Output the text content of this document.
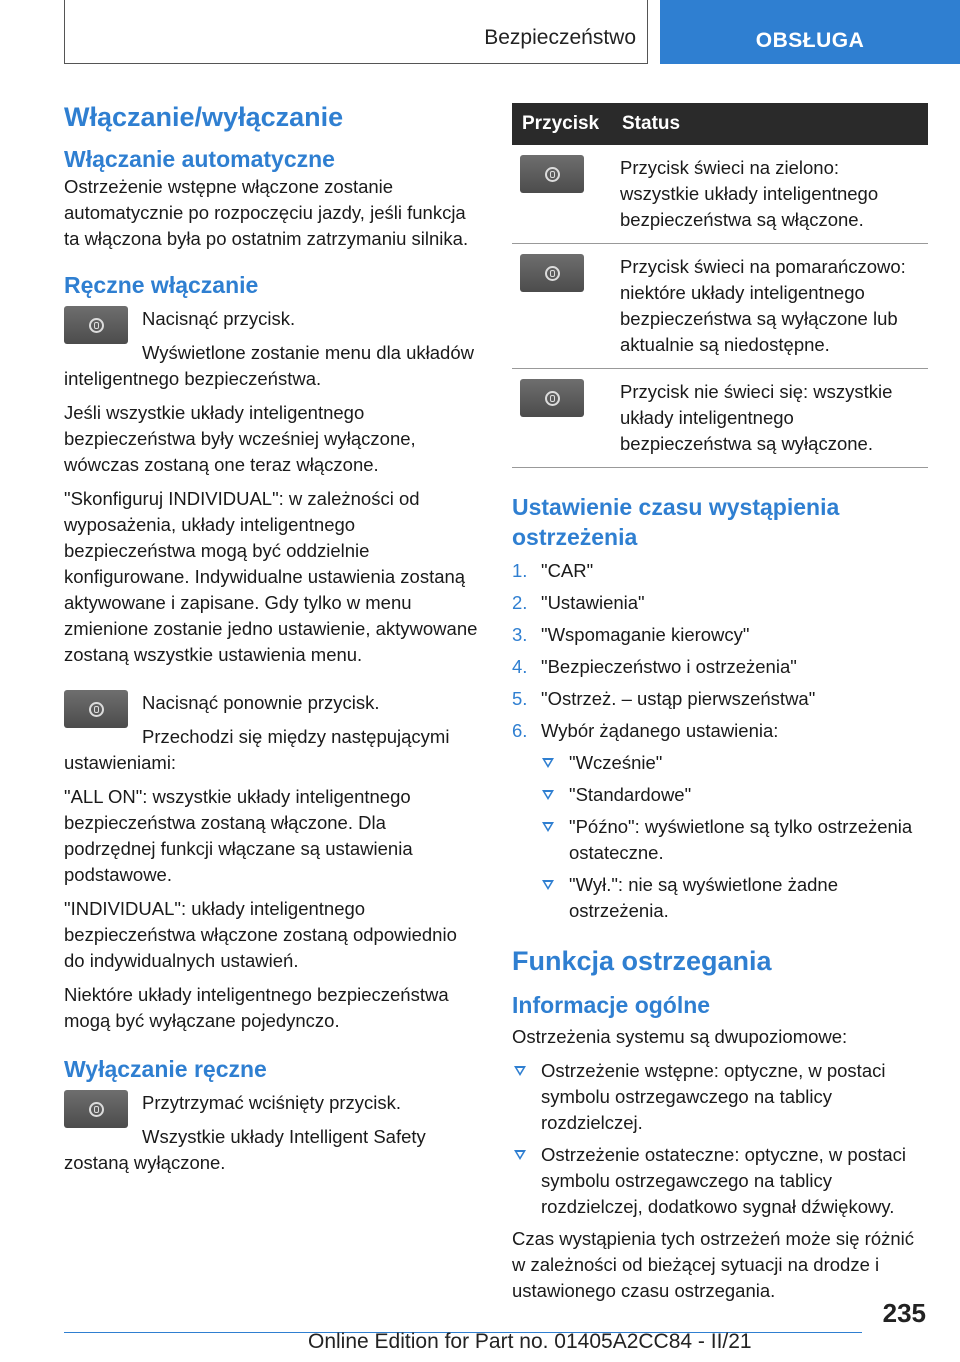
Bezpieczeństwo	OBSŁUGA
Włączanie/wyłączanie
Włączanie automatyczne
Ostrzeżenie wstępne włączone zostanie automatycznie po rozpoczęciu jazdy, jeśli funkcja ta włączona była po ostatnim zatrzymaniu silnika.
Ręczne włączanie
Nacisnąć przycisk.
Wyświetlone zostanie menu dla układów inteligentnego bezpieczeństwa.
Jeśli wszystkie układy inteligentnego bezpieczeństwa były wcześniej wyłączone, wówczas zostaną one teraz włączone.
"Skonfiguruj INDIVIDUAL": w zależności od wyposażenia, układy inteligentnego bezpieczeństwa mogą być oddzielnie konfigurowane. Indywidualne ustawienia zostaną aktywowane i zapisane. Gdy tylko w menu zmienione zostanie jedno ustawienie, aktywowane zostaną wszystkie ustawienia menu.
Nacisnąć ponownie przycisk.
Przechodzi się między następującymi ustawieniami:
"ALL ON": wszystkie układy inteligentnego bezpieczeństwa zostaną włączone. Dla podrzędnej funkcji włączane są ustawienia podstawowe.
"INDIVIDUAL": układy inteligentnego bezpieczeństwa włączone zostaną odpowiednio do indywidualnych ustawień.
Niektóre układy inteligentnego bezpieczeństwa mogą być wyłączane pojedynczo.
Wyłączanie ręczne
Przytrzymać wciśnięty przycisk.
Wszystkie układy Intelligent Safety zostaną wyłączone.
Przycisk	Status

	Przycisk świeci na zielono: wszystkie układy inteligentnego bezpieczeństwa są włączone.

	Przycisk świeci na pomarańczowo: niektóre układy inteligentnego bezpieczeństwa są wyłączone lub aktualnie są niedostępne.

	Przycisk nie świeci się: wszystkie układy inteligentnego bezpieczeństwa są wyłączone.
Ustawienie czasu wystąpienia ostrzeżenia
1. "CAR"
2. "Ustawienia"
3. "Wspomaganie kierowcy"
4. "Bezpieczeństwo i ostrzeżenia"
5. "Ostrzeż. – ustąp pierwszeństwa"
6. Wybór żądanego ustawienia:
"Wcześnie"
"Standardowe"
"Późno": wyświetlone są tylko ostrzeżenia ostateczne.
"Wył.": nie są wyświetlone żadne ostrzeżenia.
Funkcja ostrzegania
Informacje ogólne
Ostrzeżenia systemu są dwupoziomowe:
Ostrzeżenie wstępne: optyczne, w postaci symbolu ostrzegawczego na tablicy rozdzielczej.
Ostrzeżenie ostateczne: optyczne, w postaci symbolu ostrzegawczego na tablicy rozdzielczej, dodatkowo sygnał dźwiękowy.
Czas wystąpienia tych ostrzeżeń może się różnić w zależności od bieżącej sytuacji na drodze i ustawionego czasu ostrzegania.
235
Online Edition for Part no. 01405A2CC84 - II/21
